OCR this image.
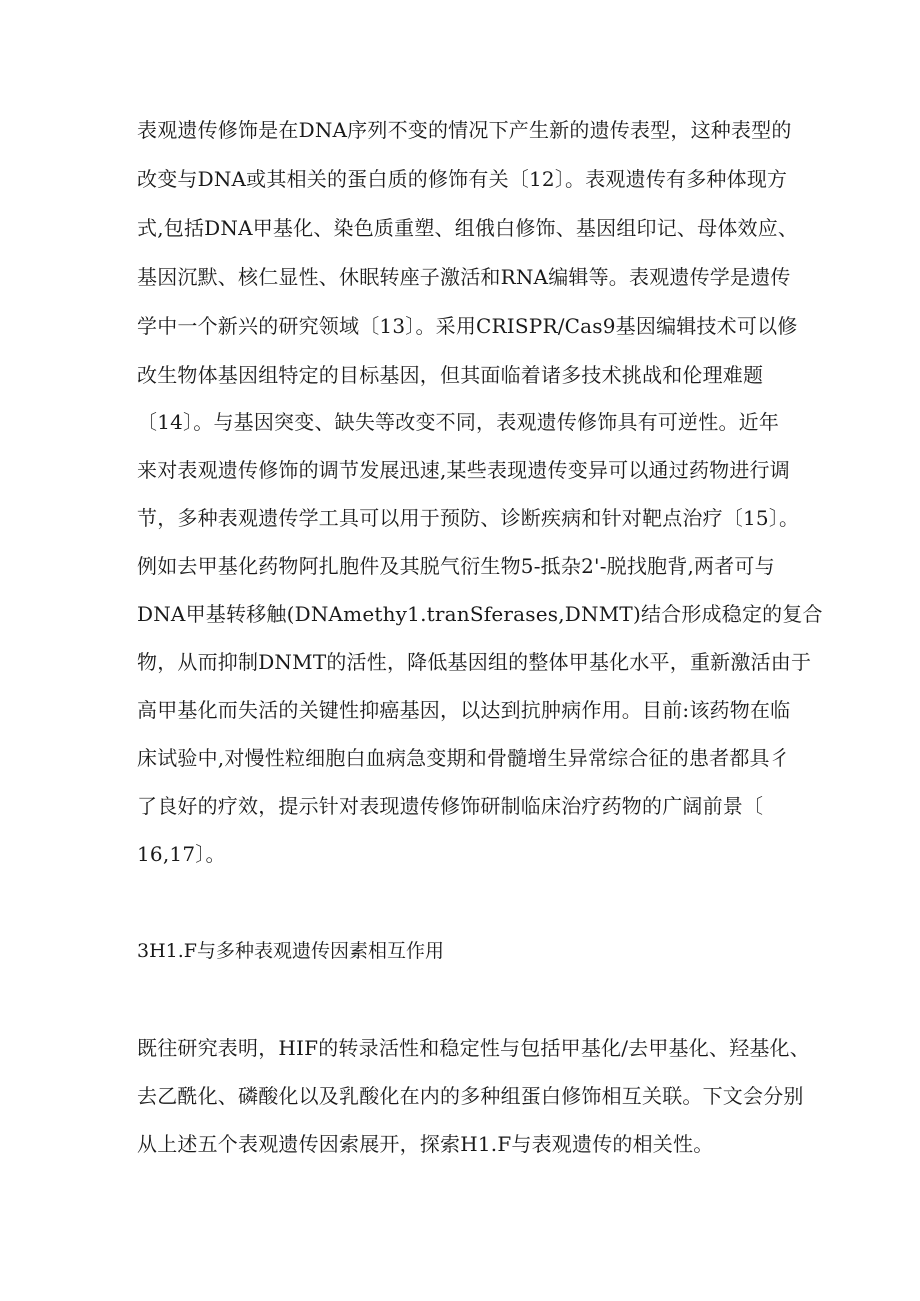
表观遗传修饰是在DNA序列不变的情况下产生新的遗传表型，这种表型的
改变与DNA或其相关的蛋白质的修饰有关〔12〕。表观遗传有多种体现方
式,包括DNA甲基化、染色质重塑、组俄白修饰、基因组印记、母体效应、
基因沉默、核仁显性、休眠转座子激活和RNA编辑等。表观遗传学是遗传
学中一个新兴的研究领域〔13〕。采用CRISPR∕Cas9基因编辑技术可以修
改生物体基因组特定的目标基因，但其面临着诸多技术挑战和伦理难题
〔14〕。与基因突变、缺失等改变不同，表观遗传修饰具有可逆性。近年
来对表观遗传修饰的调节发展迅速,某些表现遗传变异可以通过药物进行调
节，多种表观遗传学工具可以用于预防、诊断疾病和针对靶点治疗〔15〕。
例如去甲基化药物阿扎胞件及其脱气衍生物5-抵杂2'-脱找胞背,两者可与
DNA甲基转移触(DNAmethy1.tranSferases,DNMT)结合形成稳定的复合
物，从而抑制DNMT的活性，降低基因组的整体甲基化水平，重新激活由于
高甲基化而失活的关键性抑癌基因，以达到抗肿病作用。目前:该药物在临
床试验中,对慢性粒细胞白血病急变期和骨髓增生异常综合征的患者都具彳
了良好的疗效，提示针对表现遗传修饰研制临床治疗药物的广阔前景〔
16,17〕。
3H1.F与多种表观遗传因素相互作用
既往研究表明，HIF的转录活性和稳定性与包括甲基化/去甲基化、羟基化、
去乙酰化、磷酸化以及乳酸化在内的多种组蛋白修饰相互关联。下文会分别
从上述五个表观遗传因索展开，探索H1.F与表观遗传的相关性。
